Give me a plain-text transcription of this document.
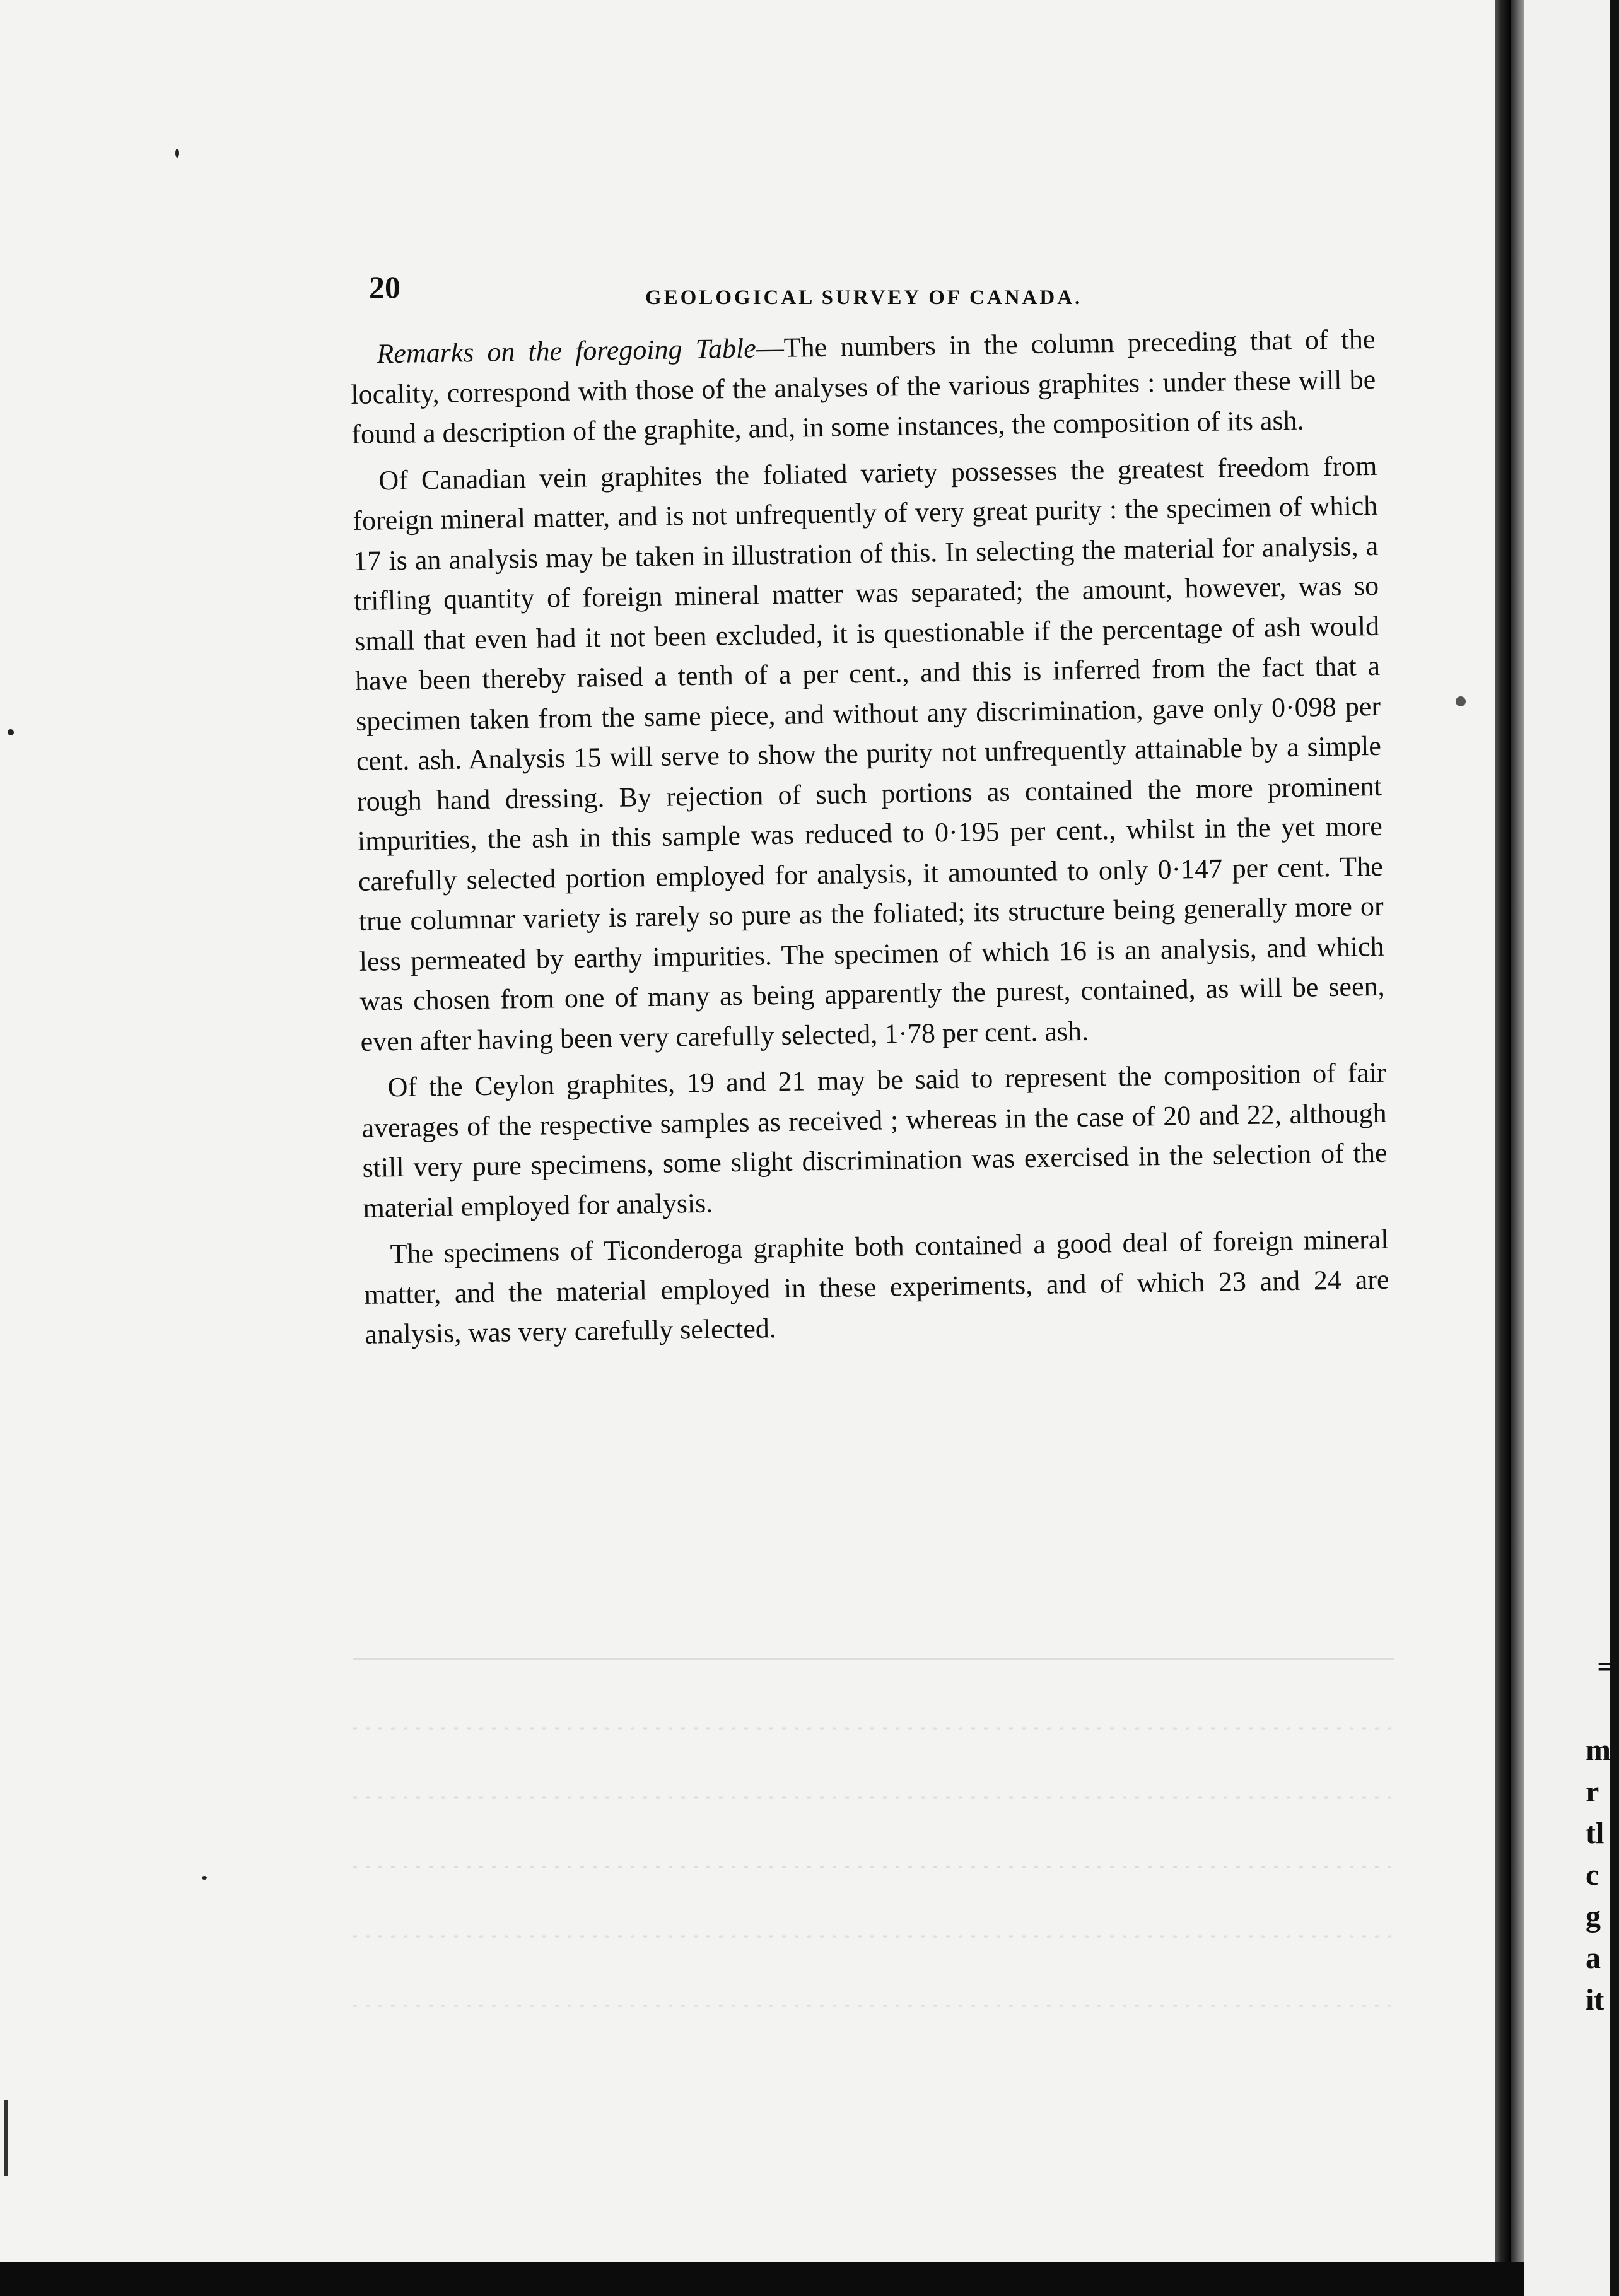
20	GEOLOGICAL SURVEY OF CANADA.

Remarks on the foregoing Table—The numbers in the column preceding that of the locality, correspond with those of the analyses of the various graphites : under these will be found a description of the graphite, and, in some instances, the composition of its ash.

Of Canadian vein graphites the foliated variety possesses the greatest freedom from foreign mineral matter, and is not unfrequently of very great purity : the specimen of which 17 is an analysis may be taken in illustration of this. In selecting the material for analysis, a trifling quantity of foreign mineral matter was separated; the amount, however, was so small that even had it not been excluded, it is questionable if the percentage of ash would have been thereby raised a tenth of a per cent., and this is inferred from the fact that a specimen taken from the same piece, and without any discrimination, gave only 0·098 per cent. ash. Analysis 15 will serve to show the purity not unfrequently attainable by a simple rough hand dressing. By rejection of such portions as contained the more prominent impurities, the ash in this sample was reduced to 0·195 per cent., whilst in the yet more carefully selected portion employed for analysis, it amounted to only 0·147 per cent. The true columnar variety is rarely so pure as the foliated; its structure being generally more or less permeated by earthy impurities. The specimen of which 16 is an analysis, and which was chosen from one of many as being apparently the purest, contained, as will be seen, even after having been very carefully selected, 1·78 per cent. ash.

Of the Ceylon graphites, 19 and 21 may be said to represent the composition of fair averages of the respective samples as received ; whereas in the case of 20 and 22, although still very pure specimens, some slight discrimination was exercised in the selection of the material employed for analysis.

The specimens of Ticonderoga graphite both contained a good deal of foreign mineral matter, and the material employed in these experiments, and of which 23 and 24 are analysis, was very carefully selected.

=
m
r
tl
c
g
a
it
